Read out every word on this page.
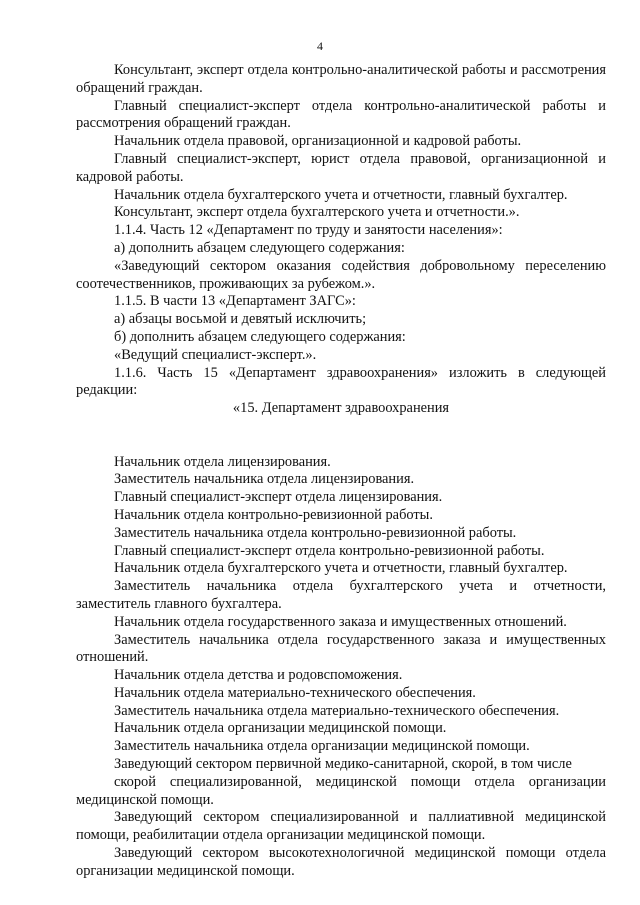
4

Консультант, эксперт отдела контрольно-аналитической работы и рассмотрения обращений граждан.

Главный специалист-эксперт отдела контрольно-аналитической работы и рассмотрения обращений граждан.

Начальник отдела правовой, организационной и кадровой работы.

Главный специалист-эксперт, юрист отдела правовой, организационной и кадровой работы.

Начальник отдела бухгалтерского учета и отчетности, главный бухгалтер.

Консультант, эксперт отдела бухгалтерского учета и отчетности.».

1.1.4. Часть 12 «Департамент по труду и занятости населения»:

а) дополнить абзацем следующего содержания:

«Заведующий сектором оказания содействия добровольному переселению соотечественников, проживающих за рубежом.».

1.1.5. В части 13 «Департамент ЗАГС»:

а) абзацы восьмой и девятый исключить;

б) дополнить абзацем следующего содержания:

«Ведущий специалист-эксперт.».

1.1.6. Часть 15 «Департамент здравоохранения» изложить в следующей редакции:

«15. Департамент здравоохранения

Начальник отдела лицензирования.

Заместитель начальника отдела лицензирования.

Главный специалист-эксперт отдела лицензирования.

Начальник отдела контрольно-ревизионной работы.

Заместитель начальника отдела контрольно-ревизионной работы.

Главный специалист-эксперт отдела контрольно-ревизионной работы.

Начальник отдела бухгалтерского учета и отчетности, главный бухгалтер.

Заместитель начальника отдела бухгалтерского учета и отчетности, заместитель главного бухгалтера.

Начальник отдела государственного заказа и имущественных отношений.

Заместитель начальника отдела государственного заказа и имущественных отношений.

Начальник отдела детства и родовспоможения.

Начальник отдела материально-технического обеспечения.

Заместитель начальника отдела материально-технического обеспечения.

Начальник отдела организации медицинской помощи.

Заместитель начальника отдела организации медицинской помощи.

Заведующий сектором первичной медико-санитарной, скорой, в том числе

скорой специализированной, медицинской помощи отдела организации медицинской помощи.

Заведующий сектором специализированной и паллиативной медицинской помощи, реабилитации отдела организации медицинской помощи.

Заведующий сектором высокотехнологичной медицинской помощи отдела организации медицинской помощи.
